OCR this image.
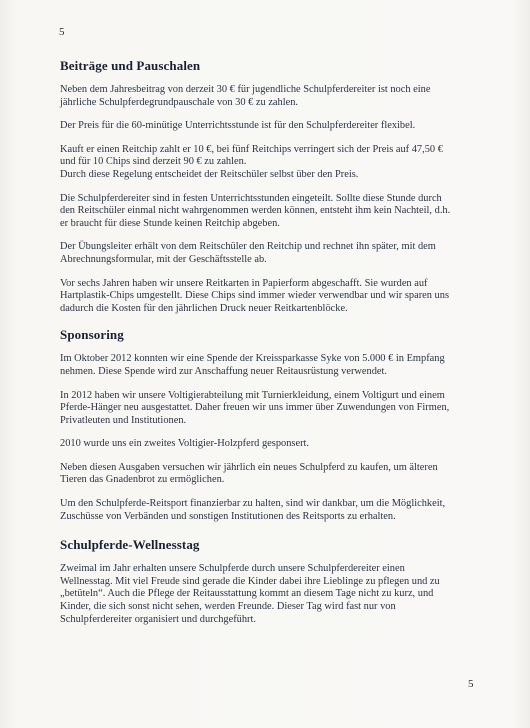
5
Beiträge und Pauschalen

Neben dem Jahresbeitrag von derzeit 30 € für jugendliche Schulpferdereiter ist noch eine
jährliche Schulpferdegrundpauschale von 30 € zu zahlen.

Der Preis für die 60-minütige Unterrichtsstunde ist für den Schulpferdereiter flexibel.

Kauft er einen Reitchip zahlt er 10 €, bei fünf Reitchips verringert sich der Preis auf 47,50 €
und für 10 Chips sind derzeit 90 € zu zahlen.
Durch diese Regelung entscheidet der Reitschüler selbst über den Preis.

Die Schulpferdereiter sind in festen Unterrichtsstunden eingeteilt. Sollte diese Stunde durch
den Reitschüler einmal nicht wahrgenommen werden können, entsteht ihm kein Nachteil, d.h.
er braucht für diese Stunde keinen Reitchip abgeben.

Der Übungsleiter erhält von dem Reitschüler den Reitchip und rechnet ihn später, mit dem
Abrechnungsformular, mit der Geschäftsstelle ab.

Vor sechs Jahren haben wir unsere Reitkarten in Papierform abgeschafft. Sie wurden auf
Hartplastik-Chips umgestellt. Diese Chips sind immer wieder verwendbar und wir sparen uns
dadurch die Kosten für den jährlichen Druck neuer Reitkartenblöcke.

Sponsoring

Im Oktober 2012 konnten wir eine Spende der Kreissparkasse Syke von 5.000 € in Empfang
nehmen. Diese Spende wird zur Anschaffung neuer Reitausrüstung verwendet.

In 2012 haben wir unsere Voltigierabteilung mit Turnierkleidung, einem Voltigurt und einem
Pferde-Hänger neu ausgestattet. Daher freuen wir uns immer über Zuwendungen von Firmen,
Privatleuten und Institutionen.

2010 wurde uns ein zweites Voltigier-Holzpferd gesponsert.

Neben diesen Ausgaben versuchen wir jährlich ein neues Schulpferd zu kaufen, um älteren
Tieren das Gnadenbrot zu ermöglichen.

Um den Schulpferde-Reitsport finanzierbar zu halten, sind wir dankbar, um die Möglichkeit,
Zuschüsse von Verbänden und sonstigen Institutionen des Reitsports zu erhalten.

Schulpferde-Wellnesstag

Zweimal im Jahr erhalten unsere Schulpferde durch unsere Schulpferdereiter einen
Wellnesstag. Mit viel Freude sind gerade die Kinder dabei ihre Lieblinge zu pflegen und zu
„betüteln“. Auch die Pflege der Reitausstattung kommt an diesem Tage nicht zu kurz, und
Kinder, die sich sonst nicht sehen, werden Freunde. Dieser Tag wird fast nur von
Schulpferdereiter organisiert und durchgeführt.

5
